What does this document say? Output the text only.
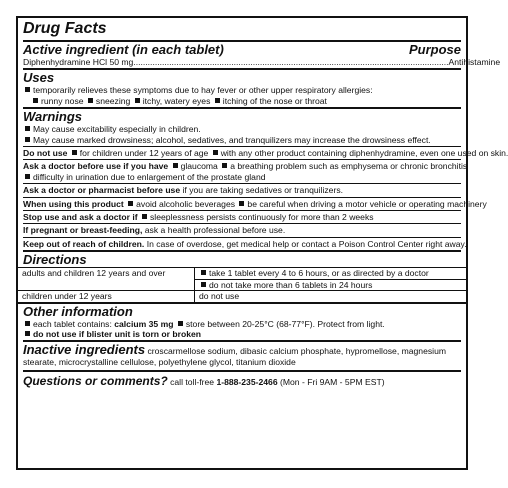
Drug Facts
Active ingredient (in each tablet)	Purpose
Diphenhydramine HCl 50 mg.................................................................................................................................... Antihistamine
Uses
temporarily relieves these symptoms due to hay fever or other upper respiratory allergies:
runny nose sneezing itchy, watery eyes itching of the nose or throat
Warnings
May cause excitability especially in children.
May cause marked drowsiness; alcohol, sedatives, and tranquilizers may increase the drowsiness effect.
Do not use for children under 12 years of age with any other product containing diphenhydramine, even one used on skin.
Ask a doctor before use if you have glaucoma a breathing problem such as emphysema or chronic bronchitis
difficulty in urination due to enlargement of the prostate gland
Ask a doctor or pharmacist before use if you are taking sedatives or tranquilizers.
When using this product avoid alcoholic beverages be careful when driving a motor vehicle or operating machinery
Stop use and ask a doctor if sleeplessness persists continuously for more than 2 weeks
If pregnant or breast-feeding, ask a health professional before use.
Keep out of reach of children. In case of overdose, get medical help or contact a Poison Control Center right away.
Directions
adults and children 12 years and over	take 1 tablet every 4 to 6 hours, or as directed by a doctor
	do not take more than 6 tablets in 24 hours
children under 12 years	do not use
Other information
each tablet contains: calcium 35 mg store between 20-25°C (68-77°F). Protect from light.
do not use if blister unit is torn or broken
Inactive ingredients croscarmellose sodium, dibasic calcium phosphate, hypromellose, magnesium stearate, microcrystalline cellulose, polyethylene glycol, titanium dioxide
Questions or comments? call toll-free 1-888-235-2466 (Mon - Fri 9AM - 5PM EST)
